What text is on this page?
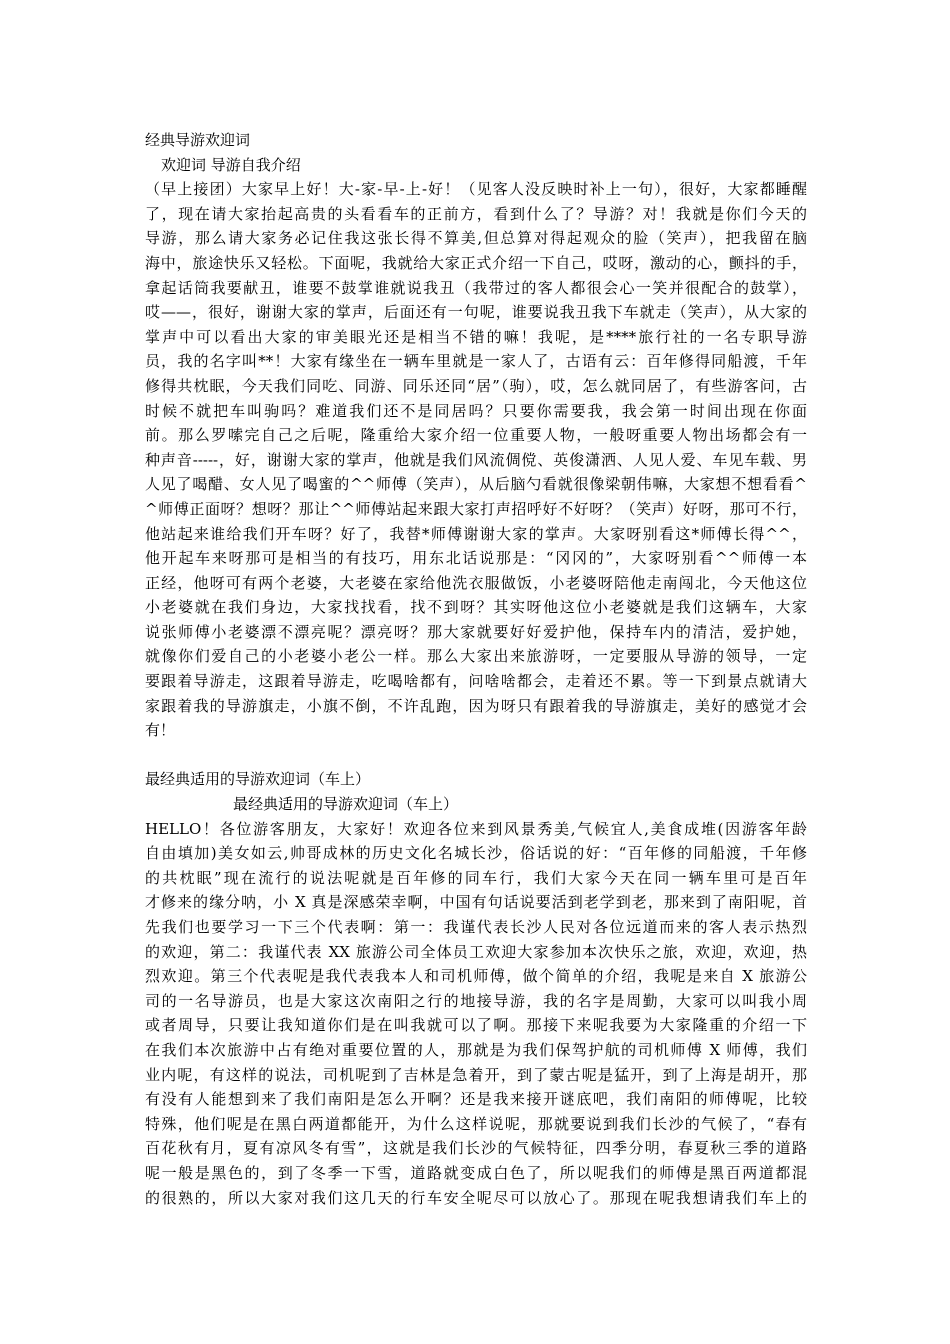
经典导游欢迎词
欢迎词 导游自我介绍
（早上接团）大家早上好！大-家-早-上-好！（见客人没反映时补上一句），很好，大家都睡醒
了，现在请大家抬起高贵的头看看车的正前方，看到什么了？导游？对！我就是你们今天的
导游，那么请大家务必记住我这张长得不算美,但总算对得起观众的脸（笑声），把我留在脑
海中，旅途快乐又轻松。下面呢，我就给大家正式介绍一下自己，哎呀，激动的心，颤抖的手，
拿起话筒我要献丑，谁要不鼓掌谁就说我丑（我带过的客人都很会心一笑并很配合的鼓掌），
哎——，很好，谢谢大家的掌声，后面还有一句呢，谁要说我丑我下车就走（笑声），从大家的
掌声中可以看出大家的审美眼光还是相当不错的嘛！我呢，是****旅行社的一名专职导游
员，我的名字叫**！大家有缘坐在一辆车里就是一家人了，古语有云：百年修得同船渡，千年
修得共枕眠，今天我们同吃、同游、同乐还同“居”（驹），哎，怎么就同居了，有些游客问，古
时候不就把车叫驹吗？难道我们还不是同居吗？只要你需要我，我会第一时间出现在你面
前。那么罗嗦完自己之后呢，隆重给大家介绍一位重要人物，一般呀重要人物出场都会有一
种声音-----，好，谢谢大家的掌声，他就是我们风流倜傥、英俊潇洒、人见人爱、车见车载、男
人见了喝醋、女人见了喝蜜的^^师傅（笑声），从后脑勺看就很像梁朝伟嘛，大家想不想看看^
^师傅正面呀？想呀？那让^^师傅站起来跟大家打声招呼好不好呀？（笑声）好呀，那可不行，
他站起来谁给我们开车呀？好了，我替*师傅谢谢大家的掌声。大家呀别看这*师傅长得^^，
他开起车来呀那可是相当的有技巧，用东北话说那是：“冈冈的”，大家呀别看^^师傅一本
正经，他呀可有两个老婆，大老婆在家给他洗衣服做饭，小老婆呀陪他走南闯北，今天他这位
小老婆就在我们身边，大家找找看，找不到呀？其实呀他这位小老婆就是我们这辆车，大家
说张师傅小老婆漂不漂亮呢？漂亮呀？那大家就要好好爱护他，保持车内的清洁，爱护她，
就像你们爱自己的小老婆小老公一样。那么大家出来旅游呀，一定要服从导游的领导，一定
要跟着导游走，这跟着导游走，吃喝啥都有，问啥啥都会，走着还不累。等一下到景点就请大
家跟着我的导游旗走，小旗不倒，不许乱跑，因为呀只有跟着我的导游旗走，美好的感觉才会
有！
最经典适用的导游欢迎词（车上）
最经典适用的导游欢迎词（车上）
HELLO！各位游客朋友，大家好！欢迎各位来到风景秀美,气候宜人,美食成堆(因游客年龄
自由填加)美女如云,帅哥成林的历史文化名城长沙，俗话说的好：“百年修的同船渡，千年修
的共枕眠”现在流行的说法呢就是百年修的同车行，我们大家今天在同一辆车里可是百年
才修来的缘分呐，小 X 真是深感荣幸啊，中国有句话说要活到老学到老，那来到了南阳呢，首
先我们也要学习一下三个代表啊：第一：我谨代表长沙人民对各位远道而来的客人表示热烈
的欢迎，第二：我谨代表 XX 旅游公司全体员工欢迎大家参加本次快乐之旅，欢迎，欢迎，热
烈欢迎。第三个代表呢是我代表我本人和司机师傅，做个简单的介绍，我呢是来自 X 旅游公
司的一名导游员，也是大家这次南阳之行的地接导游，我的名字是周勤，大家可以叫我小周
或者周导，只要让我知道你们是在叫我就可以了啊。那接下来呢我要为大家隆重的介绍一下
在我们本次旅游中占有绝对重要位置的人，那就是为我们保驾护航的司机师傅 X 师傅，我们
业内呢，有这样的说法，司机呢到了吉林是急着开，到了蒙古呢是猛开，到了上海是胡开，那
有没有人能想到来了我们南阳是怎么开啊？还是我来接开谜底吧，我们南阳的师傅呢，比较
特殊，他们呢是在黑白两道都能开，为什么这样说呢，那就要说到我们长沙的气候了，“春有
百花秋有月，夏有凉风冬有雪”，这就是我们长沙的气候特征，四季分明，春夏秋三季的道路
呢一般是黑色的，到了冬季一下雪，道路就变成白色了，所以呢我们的师傅是黑百两道都混
的很熟的，所以大家对我们这几天的行车安全呢尽可以放心了。那现在呢我想请我们车上的
